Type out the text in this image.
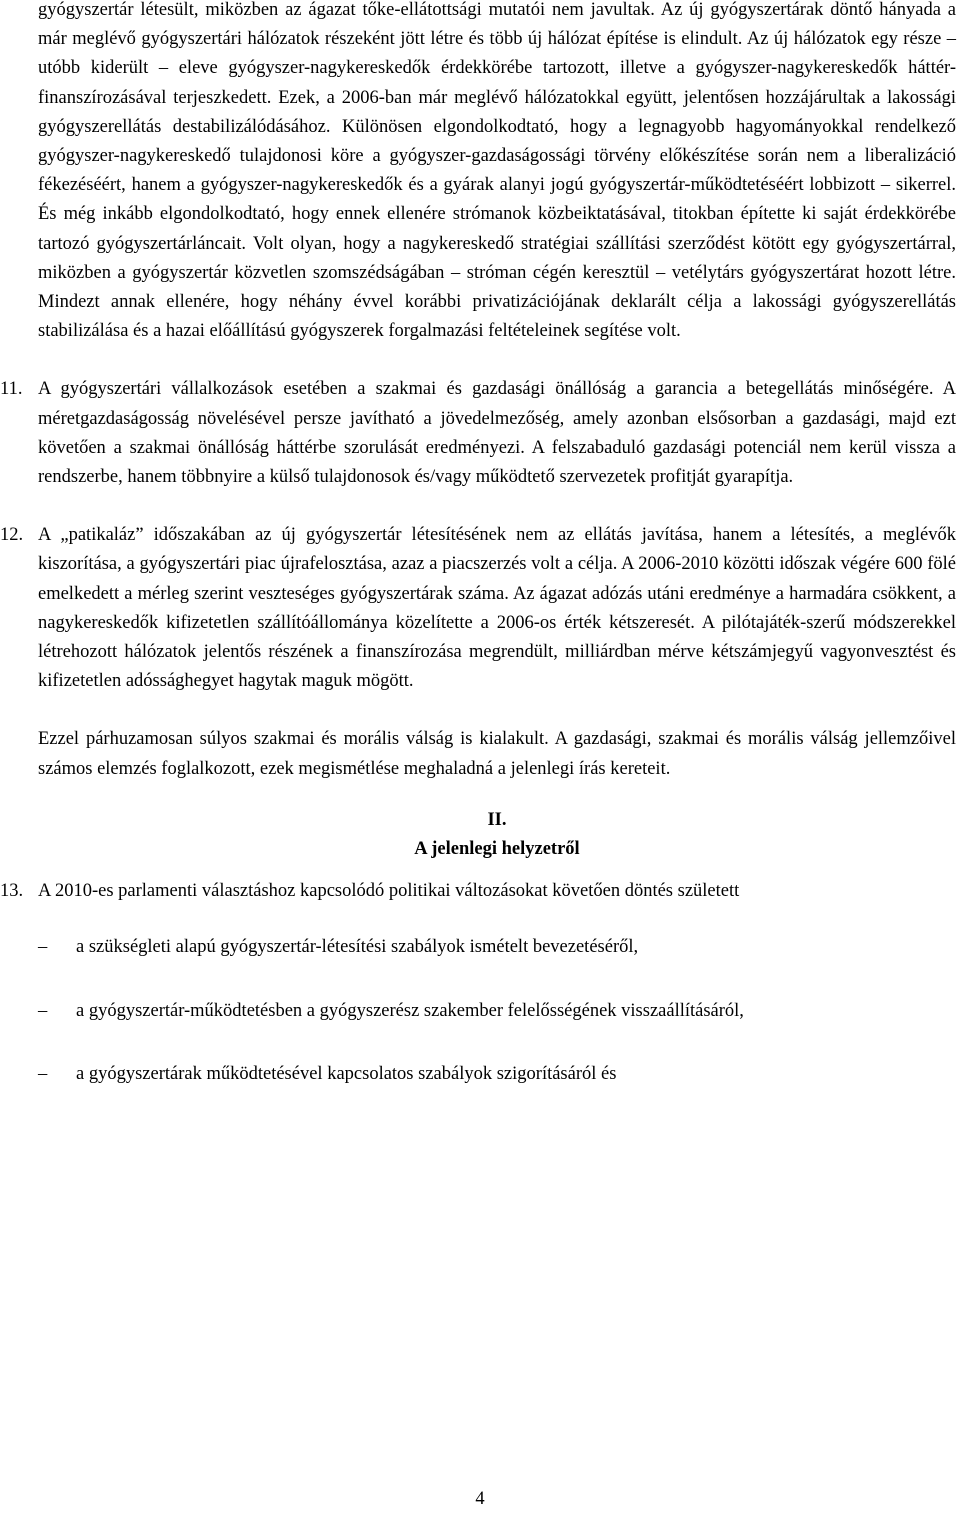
gyógyszertár létesült, miközben az ágazat tőke-ellátottsági mutatói nem javultak. Az új gyógyszertárak döntő hányada a már meglévő gyógyszertári hálózatok részeként jött létre és több új hálózat építése is elindult. Az új hálózatok egy része – utóbb kiderült – eleve gyógyszer-nagykereskedők érdekkörébe tartozott, illetve a gyógyszer-nagykereskedők háttér-finanszírozásával terjeszkedett. Ezek, a 2006-ban már meglévő hálózatokkal együtt, jelentősen hozzájárultak a lakossági gyógyszerellátás destabilizálódásához. Különösen elgondolkodtató, hogy a legnagyobb hagyományokkal rendelkező gyógyszer-nagykereskedő tulajdonosi köre a gyógyszer-gazdaságossági törvény előkészítése során nem a liberalizáció fékezéséért, hanem a gyógyszer-nagykereskedők és a gyárak alanyi jogú gyógyszertár-működtetéséért lobbizott – sikerrel. És még inkább elgondolkodtató, hogy ennek ellenére strómanok közbeiktatásával, titokban építette ki saját érdekkörébe tartozó gyógyszertárláncait. Volt olyan, hogy a nagykereskedő stratégiai szállítási szerződést kötött egy gyógyszertárral, miközben a gyógyszertár közvetlen szomszédságában – stróman cégén keresztül – vetélytárs gyógyszertárat hozott létre. Mindezt annak ellenére, hogy néhány évvel korábbi privatizációjának deklarált célja a lakossági gyógyszerellátás stabilizálása és a hazai előállítású gyógyszerek forgalmazási feltételeinek segítése volt.

11. A gyógyszertári vállalkozások esetében a szakmai és gazdasági önállóság a garancia a betegellátás minőségére. A méretgazdaságosság növelésével persze javítható a jövedelmezőség, amely azonban elsősorban a gazdasági, majd ezt követően a szakmai önállóság háttérbe szorulását eredményezi. A felszabaduló gazdasági potenciál nem kerül vissza a rendszerbe, hanem többnyire a külső tulajdonosok és/vagy működtető szervezetek profitját gyarapítja.

12. A „patikaláz” időszakában az új gyógyszertár létesítésének nem az ellátás javítása, hanem a létesítés, a meglévők kiszorítása, a gyógyszertári piac újrafelosztása, azaz a piacszerzés volt a célja. A 2006-2010 közötti időszak végére 600 fölé emelkedett a mérleg szerint veszteséges gyógyszertárak száma. Az ágazat adózás utáni eredménye a harmadára csökkent, a nagykereskedők kifizetetlen szállítóállománya közelítette a 2006-os érték kétszeresét. A pilótajáték-szerű módszerekkel létrehozott hálózatok jelentős részének a finanszírozása megrendült, milliárdban mérve kétszámjegyű vagyonvesztést és kifizetetlen adóssághegyet hagytak maguk mögött.

Ezzel párhuzamosan súlyos szakmai és morális válság is kialakult. A gazdasági, szakmai és morális válság jellemzőivel számos elemzés foglalkozott, ezek megismétlése meghaladná a jelenlegi írás kereteit.

II.

A jelenlegi helyzetről

13. A 2010-es parlamenti választáshoz kapcsolódó politikai változásokat követően döntés született

– a szükségleti alapú gyógyszertár-létesítési szabályok ismételt bevezetéséről,

– a gyógyszertár-működtetésben a gyógyszerész szakember felelősségének visszaállításáról,

– a gyógyszertárak működtetésével kapcsolatos szabályok szigorításáról és

4
